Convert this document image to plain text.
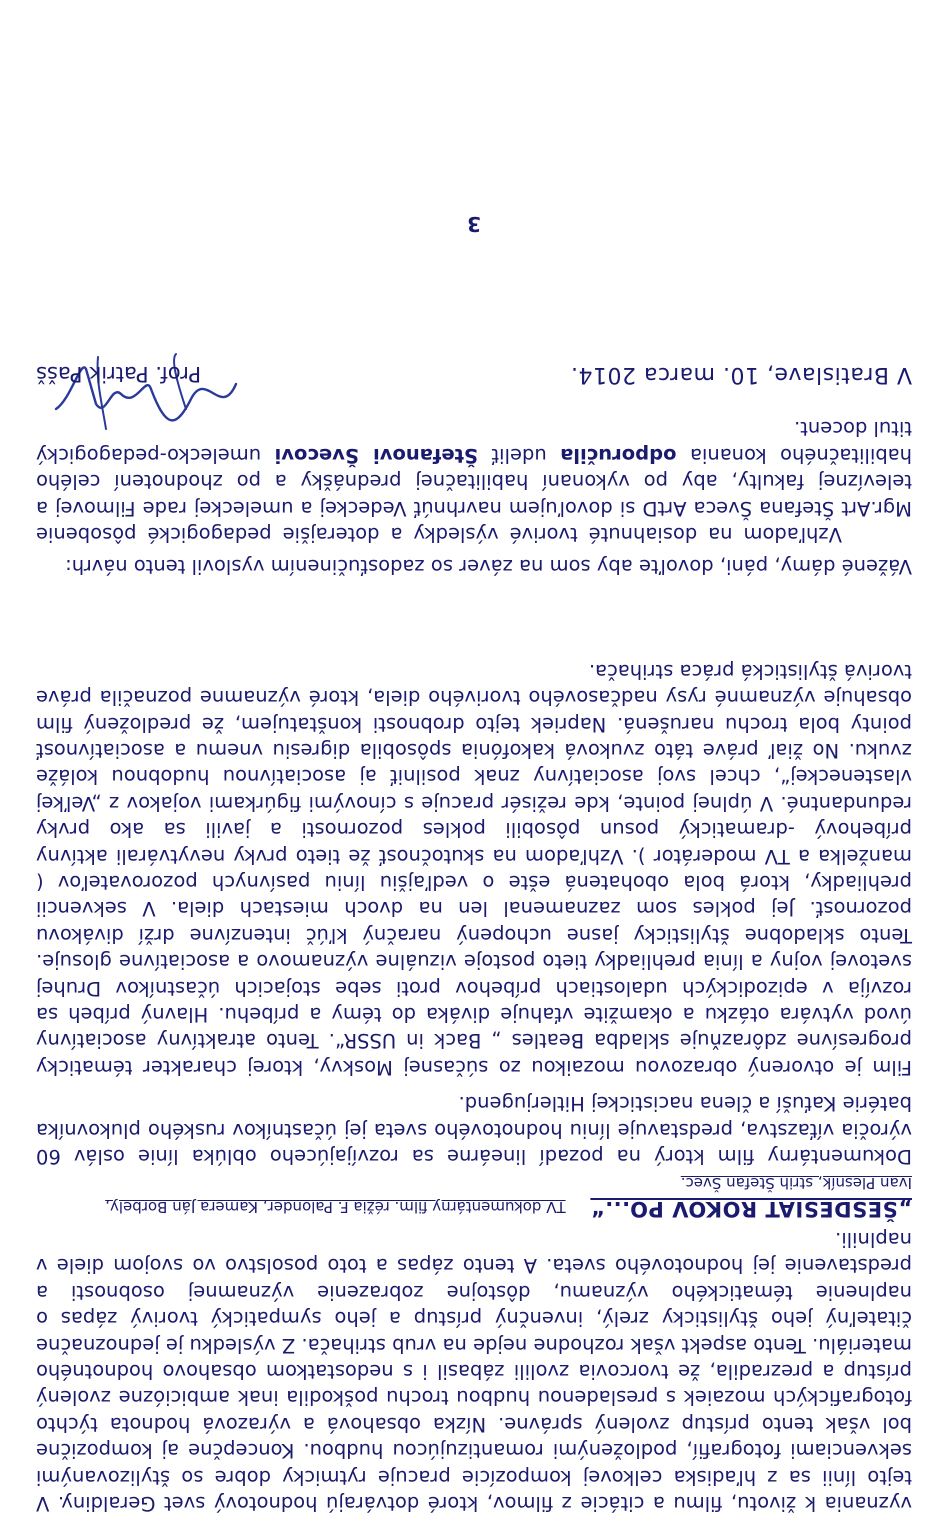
vyznania k životu, filmu a citácie z filmov, ktoré dotvárajú hodnotový svet Geraldiny. V tejto línii sa z hľadiska celkovej kompozície pracuje rytmicky dobre so štylizovanými sekvenciami fotografií, podloženými romantizujúcou hudbou. Koncepčne aj kompozične bol však tento prístup zvolený správne. Nízka obsahová a výrazová hodnota týchto fotografických mozaiek s presladenou hudbou trochu poškodila inak ambiciózne zvolený prístup a prezradila, že tvorcovia zvolili zábasil i s nedostatkom obsahovo hodnotného materiálu. Tento aspekt však rozhodne nejde na vrub strihača. Z výsledku je jednoznačne čitateľný jeho štylisticky zrelý, invenčný prístup a jeho sympatický tvorivý zápas o naplnenie tématického významu, dôstojne zobrazenie významnej osobnosti a predstavenie jej hodnotového sveta. A tento zápas a toto posolstvo vo svojom diele v naplnili.

„ŠESDESIAT ROKOV PO...“    TV dokumentárny film. réžia F. Palonder, Kamera Ján Borbely,
Ivan Plesník, strih Štefan Švec.

Dokumentárny film ktorý na pozadí lineárne sa rozvíjajúceho oblúka línie osláv 60 výročia víťazstva, predstavuje líniu hodnotového sveta jej účastníkov ruského plukovníka batérie Kaťuší a člena nacistickej Hitlerjugend.

Film je otvorený obrazovou mozaikou zo súčasnej Moskvy, ktorej charakter tématicky progresívne zdôrazňuje skladba Beatles „ Back in USSR“. Tento atraktívny asociatívny úvod vytvára otázku a okamžite vťahuje diváka do témy a príbehu. Hlavný príbeh sa rozvíja v epizodických udalostiach príbehov proti sebe stojacich účastníkov Druhej svetovej vojny a línia prehliadky tieto postoje vizuálne významovo a asociatívne glosuje. Tento skladobne štylisticky jasne uchopený naračný kľúč intenzívne drží divákovu pozornosť. Jej pokles som zaznamenal len na dvoch miestach diela. V sekvencii prehliadky, ktorá bola obohatená ešte o vedľajšiu líniu pasívnych pozorovateľov ( manželka a TV moderátor ). Vzhľadom na skutočnosť že tieto prvky nevytvárali aktívny príbehový -dramatický posun pôsobili pokles pozornosti a javili sa ako prvky redundantné. V úplnej pointe, kde režisér pracuje s cínovými figúrkami vojakov z „Veľkej vlasteneckej“, chcel svoj asociatívny znak posilniť aj asociatívnou hudobnou koláže zvuku. No žiaľ práve táto zvuková kakofónia spôsobila digresiu vnemu a asociatívnosť pointy bola trochu narušená. Napriek tejto drobnosti konštatujem, že predložený film obsahuje významné rysy nadčasového tvorivého diela, ktoré významne poznačila práve tvorivá štylistická práca strihača.

Vážené dámy, páni, dovoľte aby som na záver so zadosťučinením vyslovil tento návrh:

Vzhľadom na dosiahnuté tvorivé výsledky a doterajšie pedagogické pôsobenie Mgr.Art Štefana Švecа ArtD si dovoľujem navrhnúť Vedeckej a umeleckej rade Filmovej a televíznej fakulty, aby po vykonaní habilitačnej prednášky a po zhodnotení celého habilitačného konania odporučila udeliť Štefanovi Švecovi umelecko-pedagogický titul docent.

V Bratislave, 10. marca 2014.

Prof. Patrik Pašš
3
